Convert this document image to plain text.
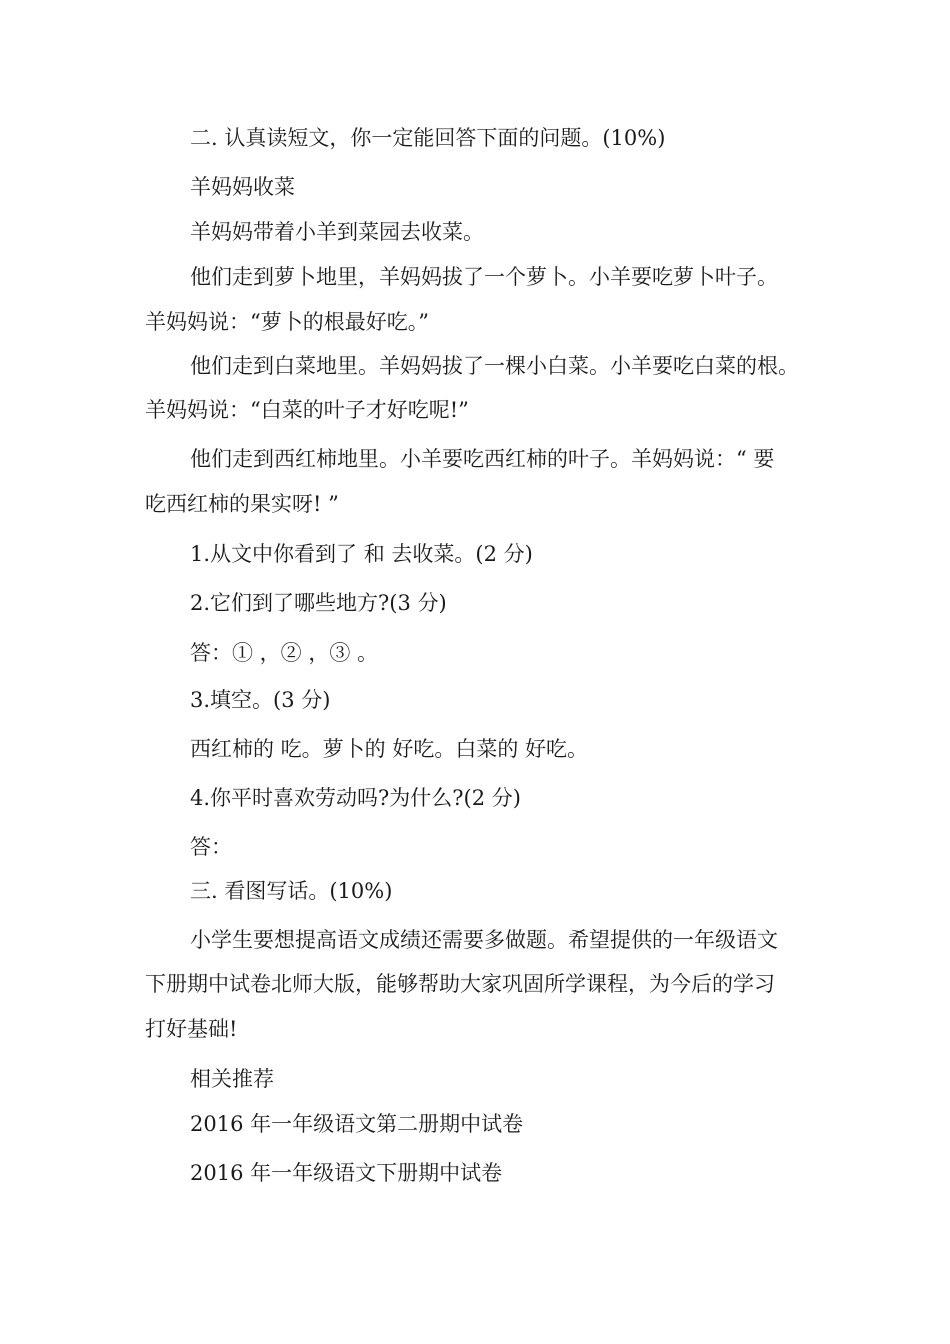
二. 认真读短文，你一定能回答下面的问题。(10%)
羊妈妈收菜
羊妈妈带着小羊到菜园去收菜。
他们走到萝卜地里，羊妈妈拔了一个萝卜。小羊要吃萝卜叶子。
羊妈妈说：“萝卜的根最好吃。”
他们走到白菜地里。羊妈妈拔了一棵小白菜。小羊要吃白菜的根。
羊妈妈说：“白菜的叶子才好吃呢!”
他们走到西红柿地里。小羊要吃西红柿的叶子。羊妈妈说：“ 要
吃西红柿的果实呀! ”
1.从文中你看到了 和 去收菜。(2 分)
2.它们到了哪些地方?(3 分)
答：① ，② ，③ 。
3.填空。(3 分)
西红柿的 吃。萝卜的 好吃。白菜的 好吃。
4.你平时喜欢劳动吗?为什么?(2 分)
答：
三. 看图写话。(10%)
小学生要想提高语文成绩还需要多做题。希望提供的一年级语文
下册期中试卷北师大版，能够帮助大家巩固所学课程，为今后的学习
打好基础!
相关推荐
2016 年一年级语文第二册期中试卷
2016 年一年级语文下册期中试卷
